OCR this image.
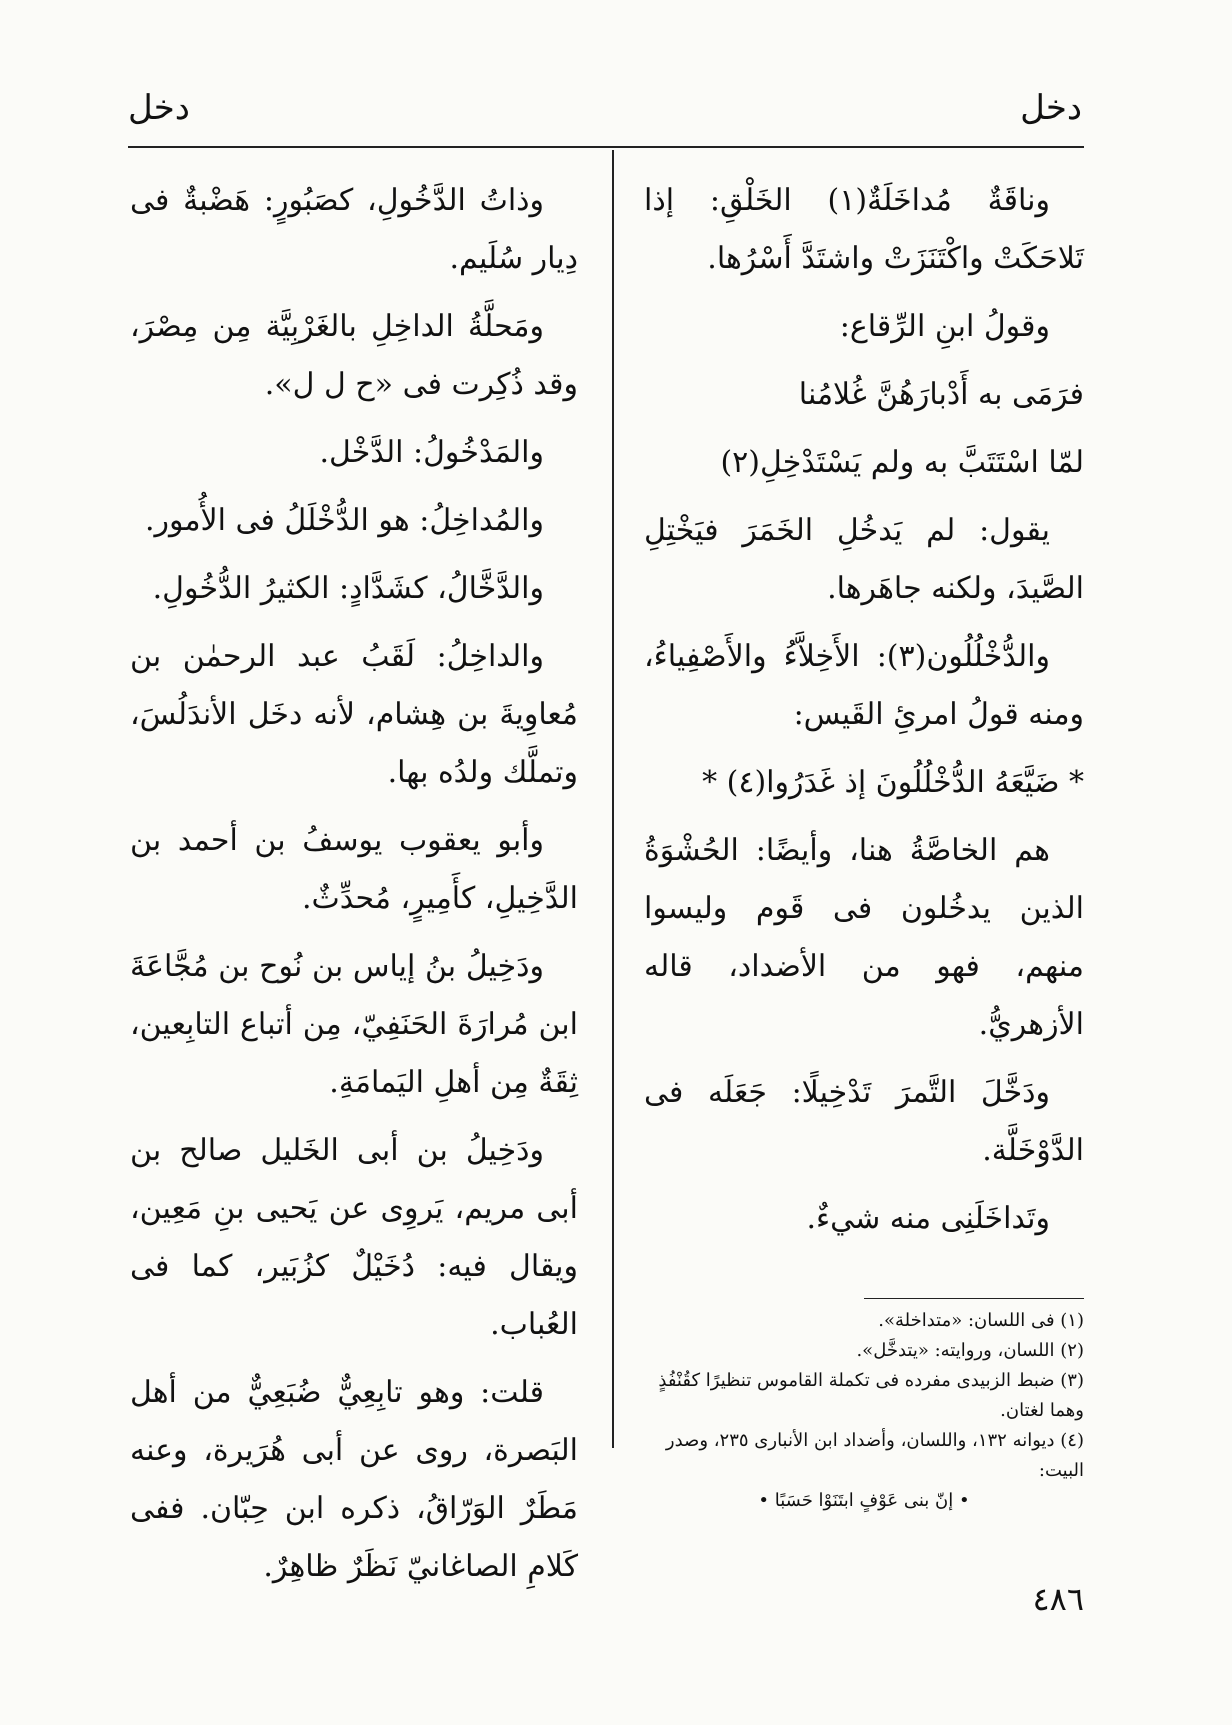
دخل
دخل

وناقَةٌ مُداخَلَةٌ(١) الخَلْقِ: إذا تَلاحَكَتْ واكْتَنَزَتْ واشتَدَّ أَسْرُها.

وقولُ ابنِ الرِّقاع:

فرَمَى به أَدْبارَهُنَّ غُلامُنا

لمّا اسْتَتَبَّ به ولم يَسْتَدْخِلِ(٢)

يقول: لم يَدخُلِ الخَمَرَ فيَخْتِلِ الصَّيدَ، ولكنه جاهَرها.

والدُّخْلُلُون(٣): الأَخِلاَّءُ والأَصْفِياءُ، ومنه قولُ امرئِ القَيس:

* ضَيَّعَهُ الدُّخْلُلُونَ إذ غَدَرُوا(٤) *

هم الخاصَّةُ هنا، وأيضًا: الحُشْوَةُ الذين يدخُلون فى قَوم وليسوا منهم، فهو من الأضداد، قاله الأزهريُّ.

ودَخَّلَ التَّمرَ تَدْخِيلًا: جَعَلَه فى الدَّوْخَلَّة.

وتَداخَلَنِى منه شيءٌ.

وذاتُ الدَّخُولِ، كصَبُورٍ: هَضْبةٌ فى دِيار سُلَيم.

ومَحلَّةُ الداخِلِ بالغَرْبِيَّة مِن مِصْرَ، وقد ذُكِرت فى «ح ل ل».

والمَدْخُولُ: الدَّخْل.

والمُداخِلُ: هو الدُّخْلَلُ فى الأُمور.

والدَّخَّالُ، كشَدَّادٍ: الكثيرُ الدُّخُولِ.

والداخِلُ: لَقَبُ عبد الرحمٰن بن مُعاوِيةَ بن هِشام، لأنه دخَل الأندَلُسَ، وتملَّك ولدُه بها.

وأبو يعقوب يوسفُ بن أحمد بن الدَّخِيلِ، كأَمِيرٍ، مُحدِّثٌ.

ودَخِيلُ بنُ إياس بن نُوح بن مُجَّاعَةَ ابن مُرارَةَ الحَنَفِيّ، مِن أتباع التابِعين، ثِقَةٌ مِن أهلِ اليَمامَةِ.

ودَخِيلُ بن أبى الخَليل صالح بن أبى مريم، يَروِى عن يَحيى بنِ مَعِين، ويقال فيه: دُخَيْلٌ كزُبَير، كما فى العُباب.

قلت: وهو تابِعِيٌّ ضُبَعِيٌّ من أهل البَصرة، روى عن أبى هُرَيرة، وعنه مَطَرٌ الوَرّاقُ، ذكره ابن حِبّان. ففى كَلامِ الصاغانيّ نَظَرٌ ظاهِرٌ.

(١) فى اللسان: «متداخلة».

(٢) اللسان، وروايته: «يتدخَّل».

(٣) ضبط الزبيدى مفرده فى تكملة القاموس تنظيرًا كقُنْفُذٍ وهما لغتان.

(٤) ديوانه ١٣٢، واللسان، وأضداد ابن الأنبارى ٢٣٥، وصدر البيت:

• إنّ بنى عَوْفٍ ابتَنَوْا حَسَبًا •

٤٨٦
